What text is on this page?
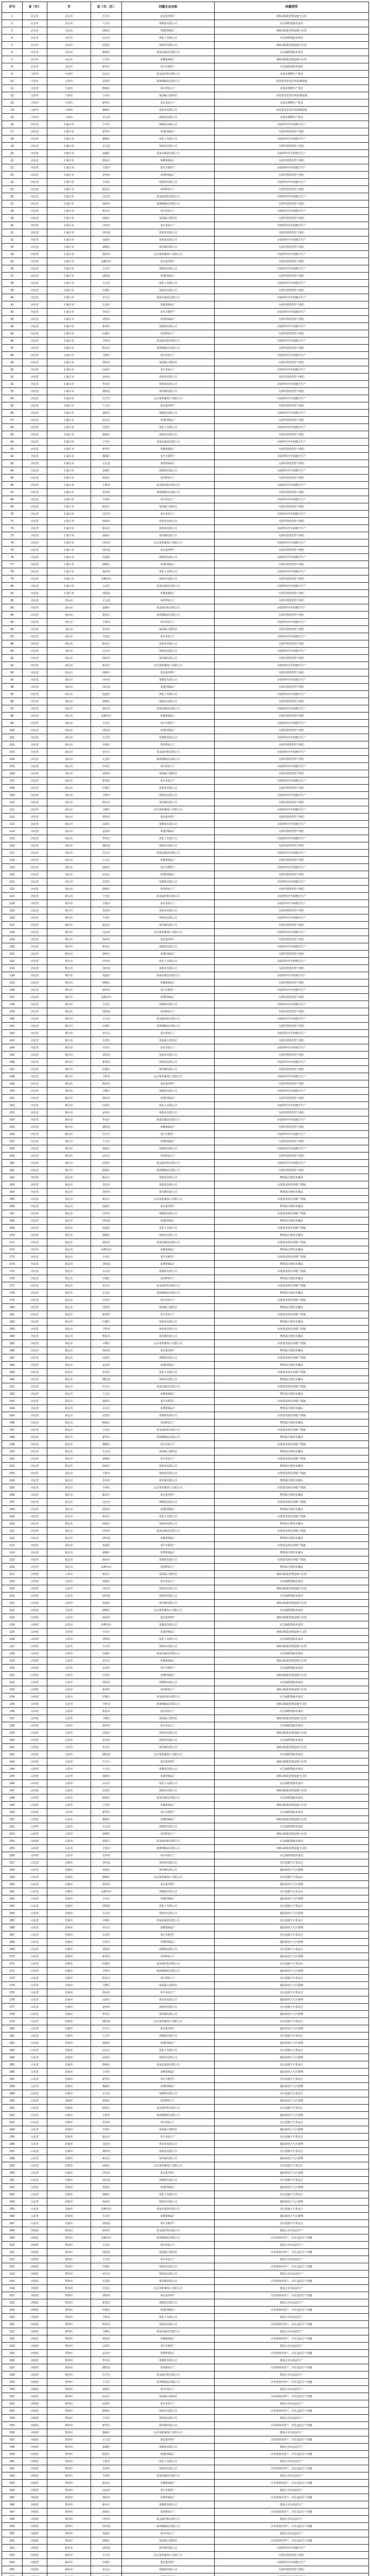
序号	省（市）	市	县（市、区）	问题企业名称	问题类型
1	北京市	北京市	昌平区	某包装材料厂	VOCs收集处理设施不完善
2	北京市	北京市	大兴区	某陶瓷有限公司	应急减排措施未落实
3	北京市	北京市	通州区	某建材制品厂	VOCs收集处理设施不完善
4	北京市	北京市	房山区	某化工有限公司	应急减排措施未落实
5	北京市	北京市	武清区	某纸业有限公司	VOCs收集处理设施不完善
6	北京市	北京市	静海区	某家具制造有限公司	应急减排措施未落实
7	北京市	北京市	宁河区	某橡胶制品厂	VOCs收集处理设施不完善
8	北京市	北京市	新华区	某汽车配件厂	应急减排措施未落实
9	天津市	天津市	房山区	某金属结构有限公司	未落实错峰生产要求
10	天津市	天津市	武清区	某玻璃制品有限公司	未按要求安装在线监测设施
11	天津市	天津市	静海区	某石材加工厂	未落实错峰生产要求
12	天津市	天津市	宁河区	某混凝土搅拌站	未按要求安装在线监测设施
13	天津市	天津市	新华区	某木业加工厂	未落实错峰生产要求
14	天津市	天津市	藁城区	某铝业有限公司	未按要求安装在线监测设施
15	天津市	天津市	正定县	某铸造有限公司	未落实错峰生产要求
16	河北省	石家庄市	宁河区	某陶瓷有限公司	未取得环评手续擅自生产
17	河北省	石家庄市	新华区	某建材制品厂	无组织排放管控不到位
18	河北省	石家庄市	藁城区	某化工有限公司	未取得环评手续擅自生产
19	河北省	石家庄市	正定县	某纸业有限公司	无组织排放管控不到位
20	河北省	石家庄市	栾城区	某家具制造有限公司	未取得环评手续擅自生产
21	河北省	石家庄市	鹿泉区	某橡胶制品厂	无组织排放管控不到位
22	河北省	石家庄市	辛集市	某汽车配件厂	未取得环评手续擅自生产
23	河北省	石家庄市	晋州市	某塑料制品厂	无组织排放管控不到位
24	河北省	石家庄市	丰润区	某钢铁有限公司	未取得环评手续擅自生产
25	河北省	石家庄市	路北区	某饲料加工厂	无组织排放管控不到位
26	河北省	石家庄市	迁安市	某金属结构有限公司	未取得环评手续擅自生产
27	河北省	石家庄市	滦州市	某玻璃制品有限公司	无组织排放管控不到位
28	河北省	石家庄市	桥东区	某石材加工厂	未取得环评手续擅自生产
29	河北省	石家庄市	南和区	某混凝土搅拌站	无组织排放管控不到位
30	河北省	石家庄市	沙河市	某木业加工厂	未取得环评手续擅自生产
31	河北省	石家庄市	清河县	某铝业有限公司	无组织排放管控不到位
32	河北省	石家庄市	莲池区	某铸造有限公司	未取得环评手续擅自生产
33	河北省	石家庄市	满城区	某印刷有限公司	无组织排放管控不到位
34	河北省	石家庄市	涿州市	北京某机械加工有限公司	未取得环评手续擅自生产
35	河北省	石家庄市	高碑店市	某包装材料厂	无组织排放管控不到位
36	河北省	石家庄市	小店区	某陶瓷有限公司	未取得环评手续擅自生产
37	河北省	石家庄市	清徐县	某建材制品厂	无组织排放管控不到位
38	河北省	石家庄市	古交市	某化工有限公司	未取得环评手续擅自生产
39	河北省	石家庄市	历城区	某纸业有限公司	无组织排放管控不到位
40	河北省	石家庄市	章丘区	某家具制造有限公司	未取得环评手续擅自生产
41	河北省	石家庄市	长清区	某橡胶制品厂	无组织排放管控不到位
42	河北省	石家庄市	中原区	某汽车配件厂	未取得环评手续擅自生产
43	河北省	石家庄市	荥阳市	某塑料制品厂	无组织排放管控不到位
44	河北省	石家庄市	新郑市	某钢铁有限公司	未取得环评手续擅自生产
45	河北省	石家庄市	红旗区	某饲料加工厂	无组织排放管控不到位
46	河北省	石家庄市	卫辉市	某金属结构有限公司	未取得环评手续擅自生产
47	河北省	石家庄市	辉县市	某玻璃制品有限公司	无组织排放管控不到位
48	河北省	石家庄市	文峰区	某石材加工厂	未取得环评手续擅自生产
49	河北省	石家庄市	林州市	某混凝土搅拌站	无组织排放管控不到位
50	河北省	石家庄市	山阳区	某木业加工厂	未取得环评手续擅自生产
51	河北省	石家庄市	孟州市	某铝业有限公司	无组织排放管控不到位
52	河北省	石家庄市	华龙区	某铸造有限公司	未取得环评手续擅自生产
53	河北省	石家庄市	濮阳县	某印刷有限公司	无组织排放管控不到位
54	河北省	石家庄市	昌平区	北京某机械加工有限公司	未取得环评手续擅自生产
55	河北省	石家庄市	大兴区	某包装材料厂	无组织排放管控不到位
56	河北省	石家庄市	通州区	某陶瓷有限公司	未取得环评手续擅自生产
57	河北省	石家庄市	房山区	某建材制品厂	无组织排放管控不到位
58	河北省	石家庄市	武清区	某化工有限公司	未取得环评手续擅自生产
59	河北省	石家庄市	静海区	某纸业有限公司	无组织排放管控不到位
60	河北省	石家庄市	宁河区	某家具制造有限公司	未取得环评手续擅自生产
61	河北省	石家庄市	新华区	某橡胶制品厂	无组织排放管控不到位
62	河北省	石家庄市	藁城区	某汽车配件厂	未取得环评手续擅自生产
63	河北省	石家庄市	正定县	某塑料制品厂	无组织排放管控不到位
64	河北省	石家庄市	栾城区	某钢铁有限公司	未取得环评手续擅自生产
65	河北省	石家庄市	鹿泉区	某饲料加工厂	无组织排放管控不到位
66	河北省	石家庄市	辛集市	某金属结构有限公司	未取得环评手续擅自生产
67	河北省	石家庄市	晋州市	某玻璃制品有限公司	无组织排放管控不到位
68	河北省	石家庄市	丰润区	某石材加工厂	未取得环评手续擅自生产
69	河北省	石家庄市	路北区	某混凝土搅拌站	无组织排放管控不到位
70	河北省	石家庄市	迁安市	某木业加工厂	未取得环评手续擅自生产
71	河北省	石家庄市	滦州市	某铝业有限公司	无组织排放管控不到位
72	河北省	石家庄市	桥东区	某铸造有限公司	未取得环评手续擅自生产
73	河北省	石家庄市	南和区	某印刷有限公司	无组织排放管控不到位
74	河北省	石家庄市	沙河市	北京某机械加工有限公司	未取得环评手续擅自生产
75	河北省	石家庄市	清河县	某包装材料厂	无组织排放管控不到位
76	河北省	石家庄市	莲池区	某陶瓷有限公司	未取得环评手续擅自生产
77	河北省	石家庄市	满城区	某建材制品厂	无组织排放管控不到位
78	河北省	石家庄市	涿州市	某化工有限公司	未取得环评手续擅自生产
79	河北省	石家庄市	高碑店市	某纸业有限公司	无组织排放管控不到位
80	河北省	石家庄市	小店区	某家具制造有限公司	未取得环评手续擅自生产
81	河北省	石家庄市	清徐县	某橡胶制品厂	无组织排放管控不到位
82	河北省	唐山市	正定县	某饲料加工厂	无组织排放管控不到位
83	河北省	唐山市	栾城区	某金属结构有限公司	未取得环评手续擅自生产
84	河北省	唐山市	鹿泉区	某玻璃制品有限公司	无组织排放管控不到位
85	河北省	唐山市	辛集市	某石材加工厂	未取得环评手续擅自生产
86	河北省	唐山市	晋州市	某混凝土搅拌站	无组织排放管控不到位
87	河北省	唐山市	丰润区	某木业加工厂	未取得环评手续擅自生产
88	河北省	唐山市	路北区	某铝业有限公司	无组织排放管控不到位
89	河北省	唐山市	迁安市	某铸造有限公司	未取得环评手续擅自生产
90	河北省	唐山市	滦州市	某印刷有限公司	无组织排放管控不到位
91	河北省	唐山市	桥东区	北京某机械加工有限公司	未取得环评手续擅自生产
92	河北省	唐山市	南和区	某包装材料厂	无组织排放管控不到位
93	河北省	唐山市	沙河市	某陶瓷有限公司	未取得环评手续擅自生产
94	河北省	唐山市	清河县	某建材制品厂	无组织排放管控不到位
95	河北省	唐山市	莲池区	某化工有限公司	未取得环评手续擅自生产
96	河北省	唐山市	满城区	某纸业有限公司	无组织排放管控不到位
97	河北省	唐山市	涿州市	某家具制造有限公司	未取得环评手续擅自生产
98	河北省	唐山市	高碑店市	某橡胶制品厂	无组织排放管控不到位
99	河北省	唐山市	小店区	某汽车配件厂	未取得环评手续擅自生产
100	河北省	唐山市	清徐县	某塑料制品厂	无组织排放管控不到位
101	河北省	唐山市	古交市	某钢铁有限公司	未取得环评手续擅自生产
102	河北省	唐山市	历城区	某饲料加工厂	无组织排放管控不到位
103	河北省	唐山市	章丘区	某金属结构有限公司	未取得环评手续擅自生产
104	河北省	唐山市	长清区	某玻璃制品有限公司	无组织排放管控不到位
105	河北省	唐山市	中原区	某石材加工厂	未取得环评手续擅自生产
106	河北省	唐山市	荥阳市	某混凝土搅拌站	无组织排放管控不到位
107	河北省	唐山市	新郑市	某木业加工厂	未取得环评手续擅自生产
108	河北省	唐山市	红旗区	某铝业有限公司	无组织排放管控不到位
109	河北省	唐山市	卫辉市	某铸造有限公司	未取得环评手续擅自生产
110	河北省	唐山市	辉县市	某印刷有限公司	无组织排放管控不到位
111	河北省	唐山市	文峰区	北京某机械加工有限公司	未取得环评手续擅自生产
112	河北省	唐山市	林州市	某包装材料厂	无组织排放管控不到位
113	河北省	唐山市	山阳区	某陶瓷有限公司	未取得环评手续擅自生产
114	河北省	唐山市	孟州市	某建材制品厂	无组织排放管控不到位
115	河北省	唐山市	华龙区	某化工有限公司	未取得环评手续擅自生产
116	河北省	唐山市	濮阳县	某纸业有限公司	无组织排放管控不到位
117	河北省	唐山市	昌平区	某家具制造有限公司	未取得环评手续擅自生产
118	河北省	唐山市	大兴区	某橡胶制品厂	无组织排放管控不到位
119	河北省	唐山市	通州区	某汽车配件厂	未取得环评手续擅自生产
120	河北省	唐山市	房山区	某塑料制品厂	无组织排放管控不到位
121	河北省	唐山市	武清区	某钢铁有限公司	未取得环评手续擅自生产
122	河北省	唐山市	静海区	某饲料加工厂	无组织排放管控不到位
123	河北省	唐山市	宁河区	某金属结构有限公司	未取得环评手续擅自生产
124	河北省	邢台市	辛集市	某木业加工厂	未取得环评手续擅自生产
125	河北省	邢台市	晋州市	某铝业有限公司	无组织排放管控不到位
126	河北省	邢台市	丰润区	某铸造有限公司	未取得环评手续擅自生产
127	河北省	邢台市	路北区	某印刷有限公司	无组织排放管控不到位
128	河北省	邢台市	迁安市	北京某机械加工有限公司	未取得环评手续擅自生产
129	河北省	邢台市	滦州市	某包装材料厂	无组织排放管控不到位
130	河北省	邢台市	桥东区	某陶瓷有限公司	未取得环评手续擅自生产
131	河北省	邢台市	南和区	某建材制品厂	无组织排放管控不到位
132	河北省	邢台市	沙河市	某化工有限公司	未取得环评手续擅自生产
133	河北省	邢台市	清河县	某纸业有限公司	无组织排放管控不到位
134	河北省	邢台市	莲池区	某家具制造有限公司	未取得环评手续擅自生产
135	河北省	邢台市	满城区	某橡胶制品厂	无组织排放管控不到位
136	河北省	邢台市	涿州市	某汽车配件厂	未取得环评手续擅自生产
137	河北省	邢台市	高碑店市	某塑料制品厂	无组织排放管控不到位
138	河北省	邢台市	小店区	某钢铁有限公司	未取得环评手续擅自生产
139	河北省	邢台市	清徐县	某饲料加工厂	无组织排放管控不到位
140	河北省	邢台市	古交市	某金属结构有限公司	未取得环评手续擅自生产
141	河北省	邢台市	历城区	某玻璃制品有限公司	无组织排放管控不到位
142	河北省	邢台市	章丘区	某石材加工厂	未取得环评手续擅自生产
143	河北省	邢台市	长清区	某混凝土搅拌站	无组织排放管控不到位
144	河北省	邢台市	中原区	某木业加工厂	未取得环评手续擅自生产
145	河北省	邢台市	荥阳市	某铝业有限公司	无组织排放管控不到位
146	河北省	邢台市	新郑市	某铸造有限公司	未取得环评手续擅自生产
147	河北省	邢台市	红旗区	某印刷有限公司	无组织排放管控不到位
148	河北省	邢台市	卫辉市	北京某机械加工有限公司	未取得环评手续擅自生产
149	河北省	邢台市	辉县市	某包装材料厂	无组织排放管控不到位
150	河北省	邢台市	文峰区	某陶瓷有限公司	未取得环评手续擅自生产
151	河北省	邢台市	林州市	某建材制品厂	无组织排放管控不到位
152	河北省	邢台市	山阳区	某化工有限公司	未取得环评手续擅自生产
153	河北省	邢台市	孟州市	某纸业有限公司	无组织排放管控不到位
154	河北省	邢台市	华龙区	某家具制造有限公司	未取得环评手续擅自生产
155	河北省	邢台市	濮阳县	某橡胶制品厂	无组织排放管控不到位
156	河北省	邢台市	昌平区	某汽车配件厂	未取得环评手续擅自生产
157	河北省	邢台市	大兴区	某塑料制品厂	无组织排放管控不到位
158	河北省	邢台市	通州区	某钢铁有限公司	未取得环评手续擅自生产
159	河北省	邢台市	房山区	某饲料加工厂	无组织排放管控不到位
160	河北省	邢台市	武清区	某金属结构有限公司	未取得环评手续擅自生产
161	河北省	邢台市	静海区	某玻璃制品有限公司	无组织排放管控不到位
162	河北省	保定市	路北区	某铝业有限公司	物料露天堆放未覆盖
163	河北省	保定市	迁安市	某铸造有限公司	未按要求落实停限产措施
164	河北省	保定市	滦州市	某印刷有限公司	物料露天堆放未覆盖
165	河北省	保定市	桥东区	北京某机械加工有限公司	未按要求落实停限产措施
166	河北省	保定市	南和区	某包装材料厂	物料露天堆放未覆盖
167	河北省	保定市	沙河市	某陶瓷有限公司	未按要求落实停限产措施
168	河北省	保定市	清河县	某建材制品厂	物料露天堆放未覆盖
169	河北省	保定市	莲池区	某化工有限公司	未按要求落实停限产措施
170	河北省	保定市	满城区	某纸业有限公司	物料露天堆放未覆盖
171	河北省	保定市	涿州市	某家具制造有限公司	未按要求落实停限产措施
172	河北省	保定市	高碑店市	某橡胶制品厂	物料露天堆放未覆盖
173	河北省	保定市	小店区	某汽车配件厂	未按要求落实停限产措施
174	河北省	保定市	清徐县	某塑料制品厂	物料露天堆放未覆盖
175	河北省	保定市	古交市	某钢铁有限公司	未按要求落实停限产措施
176	河北省	保定市	历城区	某饲料加工厂	物料露天堆放未覆盖
177	河北省	保定市	章丘区	某金属结构有限公司	未按要求落实停限产措施
178	河北省	保定市	长清区	某玻璃制品有限公司	物料露天堆放未覆盖
179	河北省	保定市	中原区	某石材加工厂	未按要求落实停限产措施
180	河北省	保定市	荥阳市	某混凝土搅拌站	物料露天堆放未覆盖
181	河北省	保定市	新郑市	某木业加工厂	未按要求落实停限产措施
182	河北省	保定市	红旗区	某铝业有限公司	物料露天堆放未覆盖
183	河北省	保定市	卫辉市	某铸造有限公司	未按要求落实停限产措施
184	河北省	保定市	辉县市	某印刷有限公司	物料露天堆放未覆盖
185	河北省	保定市	文峰区	北京某机械加工有限公司	未按要求落实停限产措施
186	河北省	保定市	林州市	某包装材料厂	物料露天堆放未覆盖
187	河北省	保定市	山阳区	某陶瓷有限公司	未按要求落实停限产措施
188	河北省	保定市	孟州市	某建材制品厂	物料露天堆放未覆盖
189	河北省	保定市	华龙区	某化工有限公司	未按要求落实停限产措施
190	河北省	保定市	濮阳县	某纸业有限公司	物料露天堆放未覆盖
191	河北省	保定市	昌平区	某家具制造有限公司	未按要求落实停限产措施
192	河北省	保定市	大兴区	某橡胶制品厂	物料露天堆放未覆盖
193	河北省	保定市	通州区	某汽车配件厂	未按要求落实停限产措施
194	河北省	保定市	房山区	某塑料制品厂	物料露天堆放未覆盖
195	河北省	保定市	武清区	某钢铁有限公司	未按要求落实停限产措施
196	河北省	保定市	静海区	某饲料加工厂	物料露天堆放未覆盖
197	河北省	保定市	宁河区	某金属结构有限公司	未按要求落实停限产措施
198	河北省	保定市	新华区	某玻璃制品有限公司	物料露天堆放未覆盖
199	河北省	保定市	藁城区	某石材加工厂	未按要求落实停限产措施
200	河北省	保定市	正定县	某混凝土搅拌站	物料露天堆放未覆盖
201	河北省	保定市	栾城区	某木业加工厂	未按要求落实停限产措施
202	河北省	保定市	鹿泉区	某铝业有限公司	物料露天堆放未覆盖
203	河北省	保定市	辛集市	某铸造有限公司	未按要求落实停限产措施
204	河北省	保定市	晋州市	某印刷有限公司	物料露天堆放未覆盖
205	河北省	保定市	丰润区	北京某机械加工有限公司	未按要求落实停限产措施
206	河北省	保定市	路北区	某包装材料厂	物料露天堆放未覆盖
207	河北省	保定市	迁安市	某陶瓷有限公司	未按要求落实停限产措施
208	河北省	保定市	滦州市	某建材制品厂	物料露天堆放未覆盖
209	河北省	保定市	桥东区	某化工有限公司	未按要求落实停限产措施
210	河北省	保定市	南和区	某纸业有限公司	物料露天堆放未覆盖
211	河北省	保定市	沙河市	某家具制造有限公司	未按要求落实停限产措施
212	河北省	保定市	清河县	某橡胶制品厂	物料露天堆放未覆盖
213	河北省	保定市	莲池区	某汽车配件厂	未按要求落实停限产措施
214	河北省	保定市	满城区	某塑料制品厂	物料露天堆放未覆盖
215	河北省	保定市	涿州市	某钢铁有限公司	未按要求落实停限产措施
216	河北省	保定市	高碑店市	某饲料加工厂	物料露天堆放未覆盖
217	山西省	太原市	桥东区	某混凝土搅拌站	VOCs收集处理设施不完善
218	山西省	太原市	南和区	某木业加工厂	应急减排措施未落实
219	山西省	太原市	沙河市	某铝业有限公司	VOCs收集处理设施不完善
220	山西省	太原市	清河县	某铸造有限公司	应急减排措施未落实
221	山西省	太原市	莲池区	某印刷有限公司	VOCs收集处理设施不完善
222	山西省	太原市	满城区	北京某机械加工有限公司	应急减排措施未落实
223	山西省	太原市	涿州市	某包装材料厂	VOCs收集处理设施不完善
224	山西省	太原市	高碑店市	某陶瓷有限公司	应急减排措施未落实
225	山西省	太原市	小店区	某建材制品厂	VOCs收集处理设施不完善
226	山西省	太原市	清徐县	某化工有限公司	应急减排措施未落实
227	山西省	太原市	古交市	某纸业有限公司	VOCs收集处理设施不完善
228	山西省	太原市	历城区	某家具制造有限公司	应急减排措施未落实
229	山西省	太原市	章丘区	某橡胶制品厂	VOCs收集处理设施不完善
230	山西省	太原市	长清区	某汽车配件厂	应急减排措施未落实
231	山西省	太原市	中原区	某塑料制品厂	VOCs收集处理设施不完善
232	山西省	太原市	荥阳市	某钢铁有限公司	应急减排措施未落实
233	山西省	太原市	新郑市	某饲料加工厂	VOCs收集处理设施不完善
234	山西省	太原市	红旗区	某金属结构有限公司	应急减排措施未落实
235	山西省	太原市	卫辉市	某玻璃制品有限公司	VOCs收集处理设施不完善
236	山西省	太原市	辉县市	某石材加工厂	应急减排措施未落实
237	山西省	太原市	文峰区	某混凝土搅拌站	VOCs收集处理设施不完善
238	山西省	太原市	林州市	某木业加工厂	应急减排措施未落实
239	山西省	太原市	山阳区	某铝业有限公司	VOCs收集处理设施不完善
240	山西省	太原市	孟州市	某铸造有限公司	应急减排措施未落实
241	山西省	太原市	华龙区	某印刷有限公司	VOCs收集处理设施不完善
242	山西省	太原市	濮阳县	北京某机械加工有限公司	应急减排措施未落实
243	山西省	太原市	昌平区	某包装材料厂	VOCs收集处理设施不完善
244	山西省	太原市	大兴区	某陶瓷有限公司	应急减排措施未落实
245	山西省	太原市	通州区	某建材制品厂	VOCs收集处理设施不完善
246	山西省	太原市	房山区	某化工有限公司	应急减排措施未落实
247	山西省	太原市	武清区	某纸业有限公司	VOCs收集处理设施不完善
248	山西省	太原市	静海区	某家具制造有限公司	应急减排措施未落实
249	山西省	太原市	宁河区	某橡胶制品厂	VOCs收集处理设施不完善
250	山西省	太原市	新华区	某汽车配件厂	应急减排措施未落实
251	山西省	太原市	藁城区	某塑料制品厂	VOCs收集处理设施不完善
252	山西省	太原市	正定县	某钢铁有限公司	应急减排措施未落实
253	山西省	太原市	栾城区	某饲料加工厂	VOCs收集处理设施不完善
254	山西省	太原市	鹿泉区	某金属结构有限公司	应急减排措施未落实
255	山西省	太原市	辛集市	某玻璃制品有限公司	VOCs收集处理设施不完善
256	山西省	太原市	晋州市	某石材加工厂	应急减排措施未落实
257	山东省	济南市	清河县	某铸造有限公司	治污设施不正常运行
258	山东省	济南市	莲池区	某印刷有限公司	超标排放大气污染物
259	山东省	济南市	满城区	北京某机械加工有限公司	治污设施不正常运行
260	山东省	济南市	涿州市	某包装材料厂	超标排放大气污染物
261	山东省	济南市	高碑店市	某陶瓷有限公司	治污设施不正常运行
262	山东省	济南市	小店区	某建材制品厂	超标排放大气污染物
263	山东省	济南市	清徐县	某化工有限公司	治污设施不正常运行
264	山东省	济南市	古交市	某纸业有限公司	超标排放大气污染物
265	山东省	济南市	历城区	某家具制造有限公司	治污设施不正常运行
266	山东省	济南市	章丘区	某橡胶制品厂	超标排放大气污染物
267	山东省	济南市	长清区	某汽车配件厂	治污设施不正常运行
268	山东省	济南市	中原区	某塑料制品厂	超标排放大气污染物
269	山东省	济南市	荥阳市	某钢铁有限公司	治污设施不正常运行
270	山东省	济南市	新郑市	某饲料加工厂	超标排放大气污染物
271	山东省	济南市	红旗区	某金属结构有限公司	治污设施不正常运行
272	山东省	济南市	卫辉市	某玻璃制品有限公司	超标排放大气污染物
273	山东省	济南市	辉县市	某石材加工厂	治污设施不正常运行
274	山东省	济南市	文峰区	某混凝土搅拌站	超标排放大气污染物
275	山东省	济南市	林州市	某木业加工厂	治污设施不正常运行
276	山东省	济南市	山阳区	某铝业有限公司	超标排放大气污染物
277	山东省	济南市	孟州市	某铸造有限公司	治污设施不正常运行
278	山东省	济南市	华龙区	某印刷有限公司	超标排放大气污染物
279	山东省	济南市	濮阳县	北京某机械加工有限公司	治污设施不正常运行
280	山东省	济南市	昌平区	某包装材料厂	超标排放大气污染物
281	山东省	济南市	大兴区	某陶瓷有限公司	治污设施不正常运行
282	山东省	济南市	通州区	某建材制品厂	超标排放大气污染物
283	山东省	济南市	房山区	某化工有限公司	治污设施不正常运行
284	山东省	济南市	武清区	某纸业有限公司	超标排放大气污染物
285	山东省	济南市	静海区	某家具制造有限公司	治污设施不正常运行
286	山东省	济南市	宁河区	某橡胶制品厂	超标排放大气污染物
287	山东省	济南市	新华区	某汽车配件厂	治污设施不正常运行
288	山东省	济南市	藁城区	某塑料制品厂	超标排放大气污染物
289	山东省	济南市	正定县	某钢铁有限公司	治污设施不正常运行
290	山东省	济南市	栾城区	某饲料加工厂	超标排放大气污染物
291	山东省	济南市	鹿泉区	某金属结构有限公司	治污设施不正常运行
292	山东省	济南市	辛集市	某玻璃制品有限公司	超标排放大气污染物
293	山东省	济南市	晋州市	某石材加工厂	治污设施不正常运行
294	山东省	济南市	丰润区	某混凝土搅拌站	超标排放大气污染物
295	山东省	济南市	路北区	某木业加工厂	治污设施不正常运行
296	山东省	济南市	迁安市	某铝业有限公司	超标排放大气污染物
297	山东省	济南市	滦州市	某铸造有限公司	治污设施不正常运行
298	山东省	济南市	桥东区	某印刷有限公司	超标排放大气污染物
299	山东省	济南市	南和区	北京某机械加工有限公司	治污设施不正常运行
300	山东省	济南市	沙河市	某包装材料厂	超标排放大气污染物
301	山东省	济南市	清河县	某陶瓷有限公司	治污设施不正常运行
302	山东省	济南市	莲池区	某建材制品厂	超标排放大气污染物
303	山东省	济南市	满城区	某化工有限公司	治污设施不正常运行
304	山东省	济南市	涿州市	某纸业有限公司	超标排放大气污染物
305	山东省	济南市	高碑店市	某家具制造有限公司	治污设施不正常运行
306	山东省	济南市	小店区	某橡胶制品厂	超标排放大气污染物
307	山东省	济南市	清徐县	某汽车配件厂	治污设施不正常运行
308	河南省	郑州市	涿州市	某金属结构有限公司	散乱污企业违法生产
309	河南省	郑州市	高碑店市	某玻璃制品有限公司	企业现场未停产，存在违法生产问题
310	河南省	郑州市	小店区	某石材加工厂	散乱污企业违法生产
311	河南省	郑州市	清徐县	某混凝土搅拌站	企业现场未停产，存在违法生产问题
312	河南省	郑州市	古交市	某木业加工厂	散乱污企业违法生产
313	河南省	郑州市	历城区	某铝业有限公司	企业现场未停产，存在违法生产问题
314	河南省	郑州市	章丘区	某铸造有限公司	散乱污企业违法生产
315	河南省	郑州市	长清区	某印刷有限公司	企业现场未停产，存在违法生产问题
316	河南省	郑州市	中原区	北京某机械加工有限公司	散乱污企业违法生产
317	河南省	郑州市	荥阳市	某包装材料厂	企业现场未停产，存在违法生产问题
318	河南省	郑州市	新郑市	某陶瓷有限公司	散乱污企业违法生产
319	河南省	郑州市	红旗区	某建材制品厂	企业现场未停产，存在违法生产问题
320	河南省	郑州市	卫辉市	某化工有限公司	散乱污企业违法生产
321	河南省	郑州市	辉县市	某纸业有限公司	企业现场未停产，存在违法生产问题
322	河南省	郑州市	文峰区	某家具制造有限公司	散乱污企业违法生产
323	河南省	郑州市	林州市	某橡胶制品厂	企业现场未停产，存在违法生产问题
324	河南省	郑州市	山阳区	某汽车配件厂	散乱污企业违法生产
325	河南省	郑州市	孟州市	某塑料制品厂	企业现场未停产，存在违法生产问题
326	河南省	郑州市	华龙区	某钢铁有限公司	散乱污企业违法生产
327	河南省	郑州市	濮阳县	某饲料加工厂	企业现场未停产，存在违法生产问题
328	河南省	郑州市	昌平区	某金属结构有限公司	散乱污企业违法生产
329	河南省	郑州市	大兴区	某玻璃制品有限公司	企业现场未停产，存在违法生产问题
330	河南省	郑州市	通州区	某石材加工厂	散乱污企业违法生产
331	河南省	郑州市	房山区	某混凝土搅拌站	企业现场未停产，存在违法生产问题
332	河南省	郑州市	武清区	某木业加工厂	散乱污企业违法生产
333	河南省	郑州市	静海区	某铝业有限公司	企业现场未停产，存在违法生产问题
334	河南省	郑州市	宁河区	某铸造有限公司	散乱污企业违法生产
335	河南省	郑州市	新华区	某印刷有限公司	企业现场未停产，存在违法生产问题
336	河南省	郑州市	藁城区	北京某机械加工有限公司	散乱污企业违法生产
337	河南省	郑州市	正定县	某包装材料厂	企业现场未停产，存在违法生产问题
338	河南省	郑州市	栾城区	某陶瓷有限公司	散乱污企业违法生产
339	河南省	郑州市	鹿泉区	某建材制品厂	企业现场未停产，存在违法生产问题
340	河南省	郑州市	辛集市	某化工有限公司	散乱污企业违法生产
341	河南省	郑州市	晋州市	某纸业有限公司	企业现场未停产，存在违法生产问题
342	河南省	郑州市	丰润区	某家具制造有限公司	散乱污企业违法生产
343	河南省	郑州市	路北区	某橡胶制品厂	企业现场未停产，存在违法生产问题
344	河南省	郑州市	迁安市	某汽车配件厂	散乱污企业违法生产
345	河南省	郑州市	滦州市	某塑料制品厂	企业现场未停产，存在违法生产问题
346	河南省	郑州市	桥东区	某钢铁有限公司	散乱污企业违法生产
347	河南省	郑州市	南和区	某饲料加工厂	企业现场未停产，存在违法生产问题
348	河南省	郑州市	沙河市	某金属结构有限公司	散乱污企业违法生产
349	河南省	郑州市	清河县	某玻璃制品有限公司	企业现场未停产，存在违法生产问题
350	河南省	郑州市	莲池区	某石材加工厂	散乱污企业违法生产
351	河南省	郑州市	满城区	某混凝土搅拌站	企业现场未停产，存在违法生产问题
352	河南省	新乡市	清徐县	某印刷有限公司	未取得环评手续擅自生产
353	河南省	新乡市	古交市	北京某机械加工有限公司	无组织排放管控不到位
354	河南省	新乡市	历城区	某包装材料厂	未取得环评手续擅自生产
355	河南省	新乡市	章丘区	某陶瓷有限公司	无组织排放管控不到位
